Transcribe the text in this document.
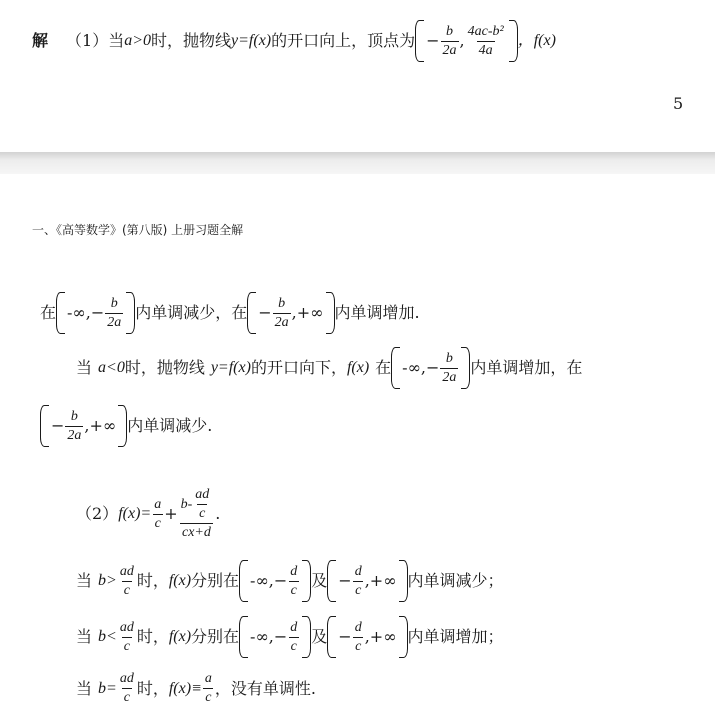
解 （1）当 a>0 时，抛物线 y=f(x) 的开口向上，顶点为 − $\frac{b}{2a}$ , $\frac{\text{4ac-b²}}{4a}$ ，f(x)
5
一、《高等数学》(第八版) 上册习题全解
在 -∞ ,− $\frac{b}{2a}$ 内单调减少，在 − $\frac{b}{2a}$ , +∞ 内单调增加.
当 a<0 时，抛物线 y=f(x) 的开口向下， f(x) 在 -∞ ,− $\frac{b}{2a}$ 内单调增加，在
− $\frac{b}{2a}$ , +∞ 内单调减少.
（2） $f(x)= \frac{a}{c} + \frac{b- \frac{ad}{c}}{cx+d}$ .
当 $b> \frac{ad}{c}$ 时， f(x) 分别在 -∞ ,− $\frac{d}{c}$ 及 − $\frac{d}{c}$ , +∞ 内单调减少；
当 $b< \frac{ad}{c}$ 时， f(x) 分别在 -∞ ,− $\frac{d}{c}$ 及 − $\frac{d}{c}$ , +∞ 内单调增加；
当 $b= \frac{ad}{c}$ 时， $f(x)\equiv \frac{a}{c}$ ，没有单调性.
